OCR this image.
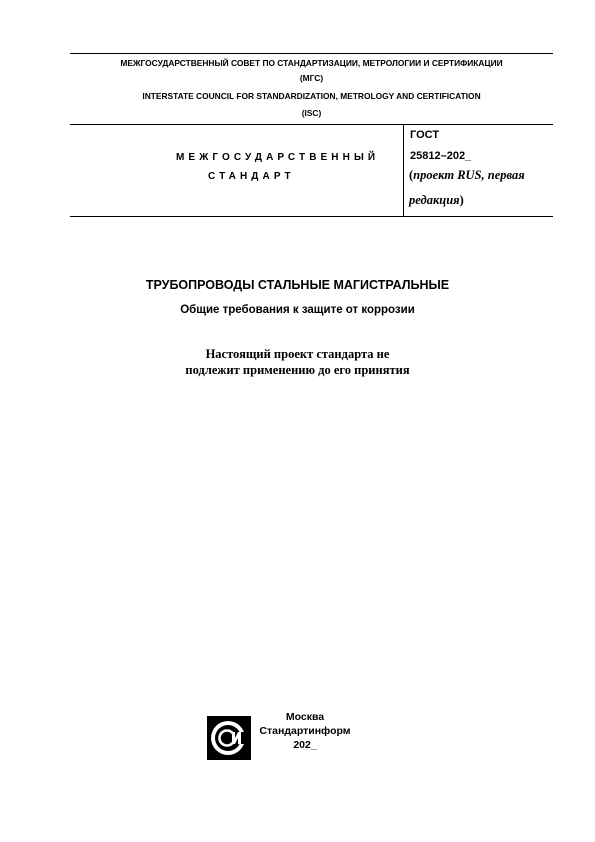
МЕЖГОСУДАРСТВЕННЫЙ СОВЕТ ПО СТАНДАРТИЗАЦИИ, МЕТРОЛОГИИ И СЕРТИФИКАЦИИ
(МГС)
INTERSTATE COUNCIL FOR STANDARDIZATION, METROLOGY AND CERTIFICATION
(ISC)
МЕЖГОСУДАРСТВЕННЫЙ
СТАНДАРТ
ГОСТ
25812–202_
(проект RUS, первая редакция)
ТРУБОПРОВОДЫ СТАЛЬНЫЕ МАГИСТРАЛЬНЫЕ
Общие требования к защите от коррозии
Настоящий проект стандарта не
подлежит применению до его принятия
Москва
Стандартинформ
202_
